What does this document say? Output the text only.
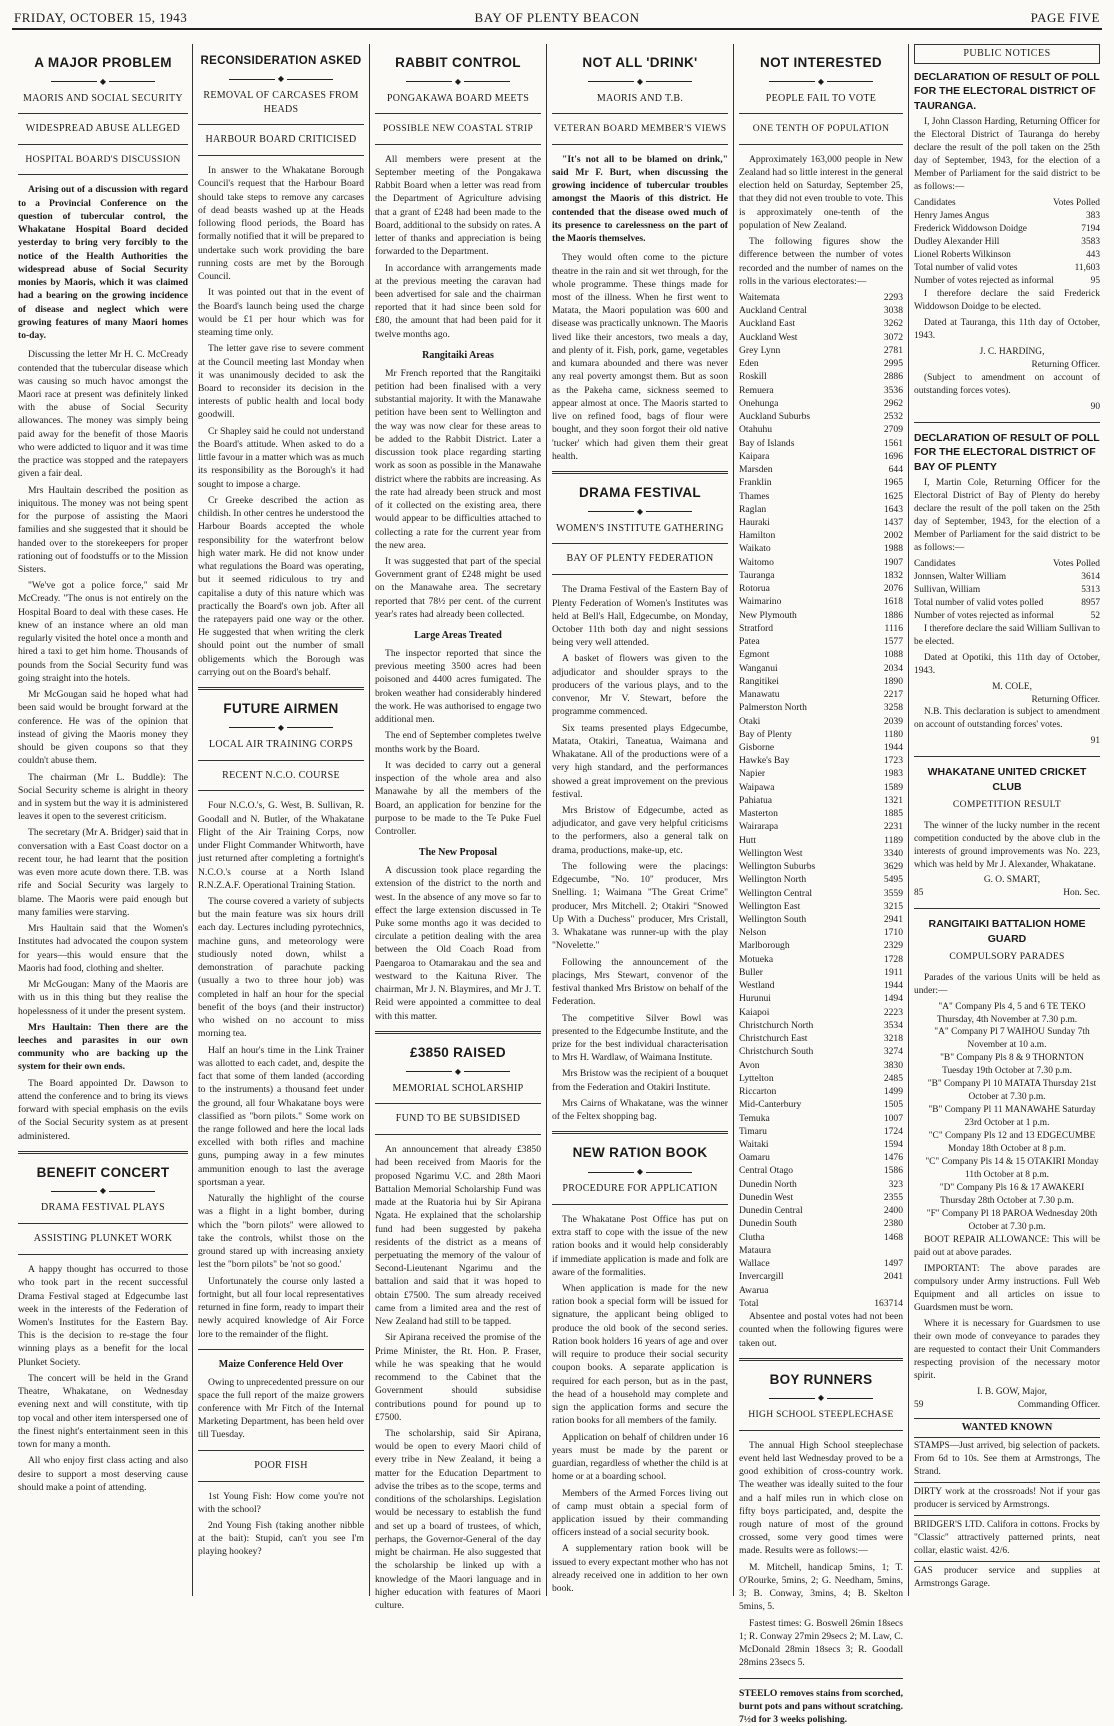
FRIDAY, OCTOBER 15, 1943	BAY OF PLENTY BEACON	PAGE FIVE
A MAJOR PROBLEM
◆
MAORIS AND SOCIAL SECURITY
WIDESPREAD ABUSE ALLEGED
HOSPITAL BOARD'S DISCUSSION

Arising out of a discussion with regard to a Provincial Conference on the question of tubercular control, the Whakatane Hospital Board decided yesterday to bring very forcibly to the notice of the Health Authorities the widespread abuse of Social Security monies by Maoris, which it was claimed had a bearing on the growing incidence of disease and neglect which were growing features of many Maori homes to-day.

Discussing the letter Mr H. C. McCready contended that the tubercular disease which was causing so much havoc amongst the Maori race at present was definitely linked with the abuse of Social Security allowances. The money was simply being paid away for the benefit of those Maoris who were addicted to liquor and it was time the practice was stopped and the ratepayers given a fair deal.

Mrs Haultain described the position as iniquitous. The money was not being spent for the purpose of assisting the Maori families and she suggested that it should be handed over to the storekeepers for proper rationing out of foodstuffs or to the Mission Sisters.

"We've got a police force," said Mr McCready. "The onus is not entirely on the Hospital Board to deal with these cases. He knew of an instance where an old man regularly visited the hotel once a month and hired a taxi to get him home. Thousands of pounds from the Social Security fund was going straight into the hotels.

Mr McGougan said he hoped what had been said would be brought forward at the conference. He was of the opinion that instead of giving the Maoris money they should be given coupons so that they couldn't abuse them.

The chairman (Mr L. Buddle): The Social Security scheme is alright in theory and in system but the way it is administered leaves it open to the severest criticism.

The secretary (Mr A. Bridger) said that in conversation with a East Coast doctor on a recent tour, he had learnt that the position was even more acute down there. T.B. was rife and Social Security was largely to blame. The Maoris were paid enough but many families were starving.

Mrs Haultain said that the Women's Institutes had advocated the coupon system for years—this would ensure that the Maoris had food, clothing and shelter.

Mr McGougan: Many of the Maoris are with us in this thing but they realise the hopelessness of it under the present system.

Mrs Haultain: Then there are the leeches and parasites in our own community who are backing up the system for their own ends.

The Board appointed Dr. Dawson to attend the conference and to bring its views forward with special emphasis on the evils of the Social Security system as at present administered.

BENEFIT CONCERT
◆
DRAMA FESTIVAL PLAYS
ASSISTING PLUNKET WORK

A happy thought has occurred to those who took part in the recent successful Drama Festival staged at Edgecumbe last week in the interests of the Federation of Women's Institutes for the Eastern Bay. This is the decision to re-stage the four winning plays as a benefit for the local Plunket Society.

The concert will be held in the Grand Theatre, Whakatane, on Wednesday evening next and will constitute, with tip top vocal and other item interspersed one of the finest night's entertainment seen in this town for many a month.

All who enjoy first class acting and also desire to support a most deserving cause should make a point of attending.

RECONSIDERATION ASKED
◆
REMOVAL OF CARCASES FROM HEADS
HARBOUR BOARD CRITICISED

In answer to the Whakatane Borough Council's request that the Harbour Board should take steps to remove any carcases of dead beasts washed up at the Heads following flood periods, the Board has formally notified that it will be prepared to undertake such work providing the bare running costs are met by the Borough Council.

It was pointed out that in the event of the Board's launch being used the charge would be £1 per hour which was for steaming time only.

The letter gave rise to severe comment at the Council meeting last Monday when it was unanimously decided to ask the Board to reconsider its decision in the interests of public health and local body goodwill.

Cr Shapley said he could not understand the Board's attitude. When asked to do a little favour in a matter which was as much its responsibility as the Borough's it had sought to impose a charge.

Cr Greeke described the action as childish. In other centres he understood the Harbour Boards accepted the whole responsibility for the waterfront below high water mark. He did not know under what regulations the Board was operating, but it seemed ridiculous to try and capitalise a duty of this nature which was practically the Board's own job. After all the ratepayers paid one way or the other. He suggested that when writing the clerk should point out the number of small obligements which the Borough was carrying out on the Board's behalf.

FUTURE AIRMEN
◆
LOCAL AIR TRAINING CORPS
RECENT N.C.O. COURSE

Four N.C.O.'s, G. West, B. Sullivan, R. Goodall and N. Butler, of the Whakatane Flight of the Air Training Corps, now under Flight Commander Whitworth, have just returned after completing a fortnight's N.C.O.'s course at a North Island R.N.Z.A.F. Operational Training Station.

The course covered a variety of subjects but the main feature was six hours drill each day. Lectures including pyrotechnics, machine guns, and meteorology were studiously noted down, whilst a demonstration of parachute packing (usually a two to three hour job) was completed in half an hour for the special benefit of the boys (and their instructor) who wished on no account to miss morning tea.

Half an hour's time in the Link Trainer was allotted to each cadet, and, despite the fact that some of them landed (according to the instruments) a thousand feet under the ground, all four Whakatane boys were classified as "born pilots." Some work on the range followed and here the local lads excelled with both rifles and machine guns, pumping away in a few minutes ammunition enough to last the average sportsman a year.

Naturally the highlight of the course was a flight in a light bomber, during which the "born pilots" were allowed to take the controls, whilst those on the ground stared up with increasing anxiety lest the "born pilots" be 'not so good.'

Unfortunately the course only lasted a fortnight, but all four local representatives returned in fine form, ready to impart their newly acquired knowledge of Air Force lore to the remainder of the flight.

Maize Conference Held Over

Owing to unprecedented pressure on our space the full report of the maize growers conference with Mr Fitch of the Internal Marketing Department, has been held over till Tuesday.

POOR FISH

1st Young Fish: How come you're not with the school?

2nd Young Fish (taking another nibble at the bait): Stupid, can't you see I'm playing hookey?

RABBIT CONTROL
◆
PONGAKAWA BOARD MEETS
POSSIBLE NEW COASTAL STRIP

All members were present at the September meeting of the Pongakawa Rabbit Board when a letter was read from the Department of Agriculture advising that a grant of £248 had been made to the Board, additional to the subsidy on rates. A letter of thanks and appreciation is being forwarded to the Department.

In accordance with arrangements made at the previous meeting the caravan had been advertised for sale and the chairman reported that it had since been sold for £80, the amount that had been paid for it twelve months ago.

Rangitaiki Areas

Mr French reported that the Rangitaiki petition had been finalised with a very substantial majority. It with the Manawahe petition have been sent to Wellington and the way was now clear for these areas to be added to the Rabbit District. Later a discussion took place regarding starting work as soon as possible in the Manawahe district where the rabbits are increasing. As the rate had already been struck and most of it collected on the existing area, there would appear to be difficulties attached to collecting a rate for the current year from the new area.

It was suggested that part of the special Government grant of £248 might be used on the Manawahe area. The secretary reported that 78½ per cent. of the current year's rates had already been collected.

Large Areas Treated

The inspector reported that since the previous meeting 3500 acres had been poisoned and 4400 acres fumigated. The broken weather had considerably hindered the work. He was authorised to engage two additional men.

The end of September completes twelve months work by the Board.

It was decided to carry out a general inspection of the whole area and also Manawahe by all the members of the Board, an application for benzine for the purpose to be made to the Te Puke Fuel Controller.

The New Proposal

A discussion took place regarding the extension of the district to the north and west. In the absence of any move so far to effect the large extension discussed in Te Puke some months ago it was decided to circulate a petition dealing with the area between the Old Coach Road from Paengaroa to Otamarakau and the sea and westward to the Kaituna River. The chairman, Mr J. N. Blaymires, and Mr J. T. Reid were appointed a committee to deal with this matter.

£3850 RAISED
◆
MEMORIAL SCHOLARSHIP
FUND TO BE SUBSIDISED

An announcement that already £3850 had been received from Maoris for the proposed Ngarimu V.C. and 28th Maori Battalion Memorial Scholarship Fund was made at the Ruatoria hui by Sir Apirana Ngata. He explained that the scholarship fund had been suggested by pakeha residents of the district as a means of perpetuating the memory of the valour of Second-Lieutenant Ngarimu and the battalion and said that it was hoped to obtain £7500. The sum already received came from a limited area and the rest of New Zealand had still to be tapped.

Sir Apirana received the promise of the Prime Minister, the Rt. Hon. P. Fraser, while he was speaking that he would recommend to the Cabinet that the Government should subsidise contributions pound for pound up to £7500.

The scholarship, said Sir Apirana, would be open to every Maori child of every tribe in New Zealand, it being a matter for the Education Department to advise the tribes as to the scope, terms and conditions of the scholarships. Legislation would be necessary to establish the fund and set up a board of trustees, of which, perhaps, the Governor-General of the day might be chairman. He also suggested that the scholarship be linked up with a knowledge of the Maori language and in higher education with features of Maori culture.

NOT ALL 'DRINK'
◆
MAORIS AND T.B.
VETERAN BOARD MEMBER'S VIEWS

"It's not all to be blamed on drink," said Mr F. Burt, when discussing the growing incidence of tubercular troubles amongst the Maoris of this district. He contended that the disease owed much of its presence to carelessness on the part of the Maoris themselves.

They would often come to the picture theatre in the rain and sit wet through, for the whole programme. These things made for most of the illness. When he first went to Matata, the Maori population was 600 and disease was practically unknown. The Maoris lived like their ancestors, two meals a day, and plenty of it. Fish, pork, game, vegetables and kumara abounded and there was never any real poverty amongst them. But as soon as the Pakeha came, sickness seemed to appear almost at once. The Maoris started to live on refined food, bags of flour were bought, and they soon forgot their old native 'tucker' which had given them their great health.

DRAMA FESTIVAL
◆
WOMEN'S INSTITUTE GATHERING
BAY OF PLENTY FEDERATION

The Drama Festival of the Eastern Bay of Plenty Federation of Women's Institutes was held at Bell's Hall, Edgecumbe, on Monday, October 11th both day and night sessions being very well attended.

A basket of flowers was given to the adjudicator and shoulder sprays to the producers of the various plays, and to the convenor, Mr V. Stewart, before the programme commenced.

Six teams presented plays Edgecumbe, Matata, Otakiri, Taneatua, Waimana and Whakatane. All of the productions were of a very high standard, and the performances showed a great improvement on the previous festival.

Mrs Bristow of Edgecumbe, acted as adjudicator, and gave very helpful criticisms to the performers, also a general talk on drama, productions, make-up, etc.

The following were the placings: Edgecumbe, "No. 10" producer, Mrs Snelling. 1; Waimana "The Great Crime" producer, Mrs Mitchell. 2; Otakiri "Snowed Up With a Duchess" producer, Mrs Cristall, 3. Whakatane was runner-up with the play "Novelette."

Following the announcement of the placings, Mrs Stewart, convenor of the festival thanked Mrs Bristow on behalf of the Federation.

The competitive Silver Bowl was presented to the Edgecumbe Institute, and the prize for the best individual characterisation to Mrs H. Wardlaw, of Waimana Institute.

Mrs Bristow was the recipient of a bouquet from the Federation and Otakiri Institute.

Mrs Cairns of Whakatane, was the winner of the Feltex shopping bag.

NEW RATION BOOK
◆
PROCEDURE FOR APPLICATION

The Whakatane Post Office has put on extra staff to cope with the issue of the new ration books and it would help considerably if immediate application is made and folk are aware of the formalities.

When application is made for the new ration book a special form will be issued for signature, the applicant being obliged to produce the old book of the second series. Ration book holders 16 years of age and over will require to produce their social security coupon books. A separate application is required for each person, but as in the past, the head of a household may complete and sign the application forms and secure the ration books for all members of the family.

Application on behalf of children under 16 years must be made by the parent or guardian, regardless of whether the child is at home or at a boarding school.

Members of the Armed Forces living out of camp must obtain a special form of application issued by their commanding officers instead of a social security book.

A supplementary ration book will be issued to every expectant mother who has not already received one in addition to her own book.

NOT INTERESTED
◆
PEOPLE FAIL TO VOTE
ONE TENTH OF POPULATION

Approximately 163,000 people in New Zealand had so little interest in the general election held on Saturday, September 25, that they did not even trouble to vote. This is approximately one-tenth of the population of New Zealand.

The following figures show the difference between the number of votes recorded and the number of names on the rolls in the various electorates:—

Waitemata	2293
Auckland Central	3038
Auckland East	3262
Auckland West	3072
Grey Lynn	2781
Eden	2995
Roskill	2886
Remuera	3536
Onehunga	2962
Auckland Suburbs	2532
Otahuhu	2709
Bay of Islands	1561
Kaipara	1696
Marsden	644
Franklin	1965
Thames	1625
Raglan	1643
Hauraki	1437
Hamilton	2002
Waikato	1988
Waitomo	1907
Tauranga	1832
Rotorua	2076
Waimarino	1618
New Plymouth	1886
Stratford	1116
Patea	1577
Egmont	1088
Wanganui	2034
Rangitikei	1890
Manawatu	2217
Palmerston North	3258
Otaki	2039
Bay of Plenty	1180
Gisborne	1944
Hawke's Bay	1723
Napier	1983
Waipawa	1589
Pahiatua	1321
Masterton	1885
Wairarapa	2231
Hutt	1189
Wellington West	3340
Wellington Suburbs	3629
Wellington North	5495
Wellington Central	3559
Wellington East	3215
Wellington South	2941
Nelson	1710
Marlborough	2329
Motueka	1728
Buller	1911
Westland	1944
Hurunui	1494
Kaiapoi	2223
Christchurch North	3534
Christchurch East	3218
Christchurch South	3274
Avon	3830
Lyttelton	2485
Riccarton	1499
Mid-Canterbury	1505
Temuka	1007
Timaru	1724
Waitaki	1594
Oamaru	1476
Central Otago	1586
Dunedin North	323
Dunedin West	2355
Dunedin Central	2400
Dunedin South	2380
Clutha	1468
Mataura	
Wallace	1497
Invercargill	2041
Awarua	
Total	163714

Absentee and postal votes had not been counted when the following figures were taken out.

BOY RUNNERS
◆
HIGH SCHOOL STEEPLECHASE

The annual High School steeplechase event held last Wednesday proved to be a good exhibition of cross-country work. The weather was ideally suited to the four and a half miles run in which close on fifty boys participated, and, despite the rough nature of most of the ground crossed, some very good times were made. Results were as follows:—

M. Mitchell, handicap 5mins, 1; T. O'Rourke, 5mins, 2; G. Needham, 5mins, 3; B. Conway, 3mins, 4; B. Skelton 5mins, 5.

Fastest times: G. Boswell 26min 18secs 1; R. Conway 27min 29secs 2; M. Law, C. McDonald 28min 18secs 3; R. Goodall 28mins 23secs 5.

STEELO removes stains from scorched, burnt pots and pans without scratching. 7½d for 3 weeks polishing.

PUBLIC NOTICES
DECLARATION OF RESULT OF POLL FOR THE ELECTORAL DISTRICT OF TAURANGA.

I, John Classon Harding, Returning Officer for the Electoral District of Tauranga do hereby declare the result of the poll taken on the 25th day of September, 1943, for the election of a Member of Parliament for the said district to be as follows:—

Candidates	Votes Polled
Henry James Angus	383
Frederick Widdowson Doidge	7194
Dudley Alexander Hill	3583
Lionel Roberts Wilkinson	443
Total number of valid votes	11,603
Number of votes rejected as informal	95

I therefore declare the said Frederick Widdowson Doidge to be elected.

Dated at Tauranga, this 11th day of October, 1943.

J. C. HARDING,

Returning Officer.

(Subject to amendment on account of outstanding forces votes).

90

DECLARATION OF RESULT OF POLL FOR THE ELECTORAL DISTRICT OF BAY OF PLENTY

I, Martin Cole, Returning Officer for the Electoral District of Bay of Plenty do hereby declare the result of the poll taken on the 25th day of September, 1943, for the election of a Member of Parliament for the said district to be as follows:—

Candidates	Votes Polled
Jonnsen, Walter William	3614
Sullivan, William	5313
Total number of valid votes polled	8957
Number of votes rejected as informal	52

I therefore declare the said William Sullivan to be elected.

Dated at Opotiki, this 11th day of October, 1943.

M. COLE,

Returning Officer.

N.B. This declaration is subject to amendment on account of outstanding forces' votes.

91

WHAKATANE UNITED CRICKET CLUB
COMPETITION RESULT

The winner of the lucky number in the recent competition conducted by the above club in the interests of ground improvements was No. 223, which was held by Mr J. Alexander, Whakatane.

G. O. SMART,

85	Hon. Sec.
RANGITAIKI BATTALION HOME GUARD
COMPULSORY PARADES

Parades of the various Units will be held as under:—

"A" Company Pls 4, 5 and 6 TE TEKO Thursday, 4th November at 7.30 p.m.

"A" Company Pl 7 WAIHOU Sunday 7th November at 10 a.m.

"B" Company Pls 8 & 9 THORNTON Tuesday 19th October at 7.30 p.m.

"B" Company Pl 10 MATATA Thursday 21st October at 7.30 p.m.

"B" Company Pl 11 MANAWAHE Saturday 23rd October at 1 p.m.

"C" Company Pls 12 and 13 EDGECUMBE Monday 18th October at 8 p.m.

"C" Company Pls 14 & 15 OTAKIRI Monday 11th October at 8 p.m.

"D" Company Pls 16 & 17 AWAKERI Thursday 28th October at 7.30 p.m.

"F" Company Pl 18 PAROA Wednesday 20th October at 7.30 p.m.

BOOT REPAIR ALLOWANCE: This will be paid out at above parades.

IMPORTANT: The above parades are compulsory under Army instructions. Full Web Equipment and all articles on issue to Guardsmen must be worn.

Where it is necessary for Guardsmen to use their own mode of conveyance to parades they are requested to contact their Unit Commanders respecting provision of the necessary motor spirit.

I. B. GOW, Major,

59	Commanding Officer.
WANTED KNOWN

STAMPS—Just arrived, big selection of packets. From 6d to 10s. See them at Armstrongs, The Strand.

DIRTY work at the crossroads! Not if your gas producer is serviced by Armstrongs.

BRIDGER'S LTD. Califora in cottons. Frocks by "Classic" attractively patterned prints, neat collar, elastic waist. 42/6.

GAS producer service and supplies at Armstrongs Garage.
